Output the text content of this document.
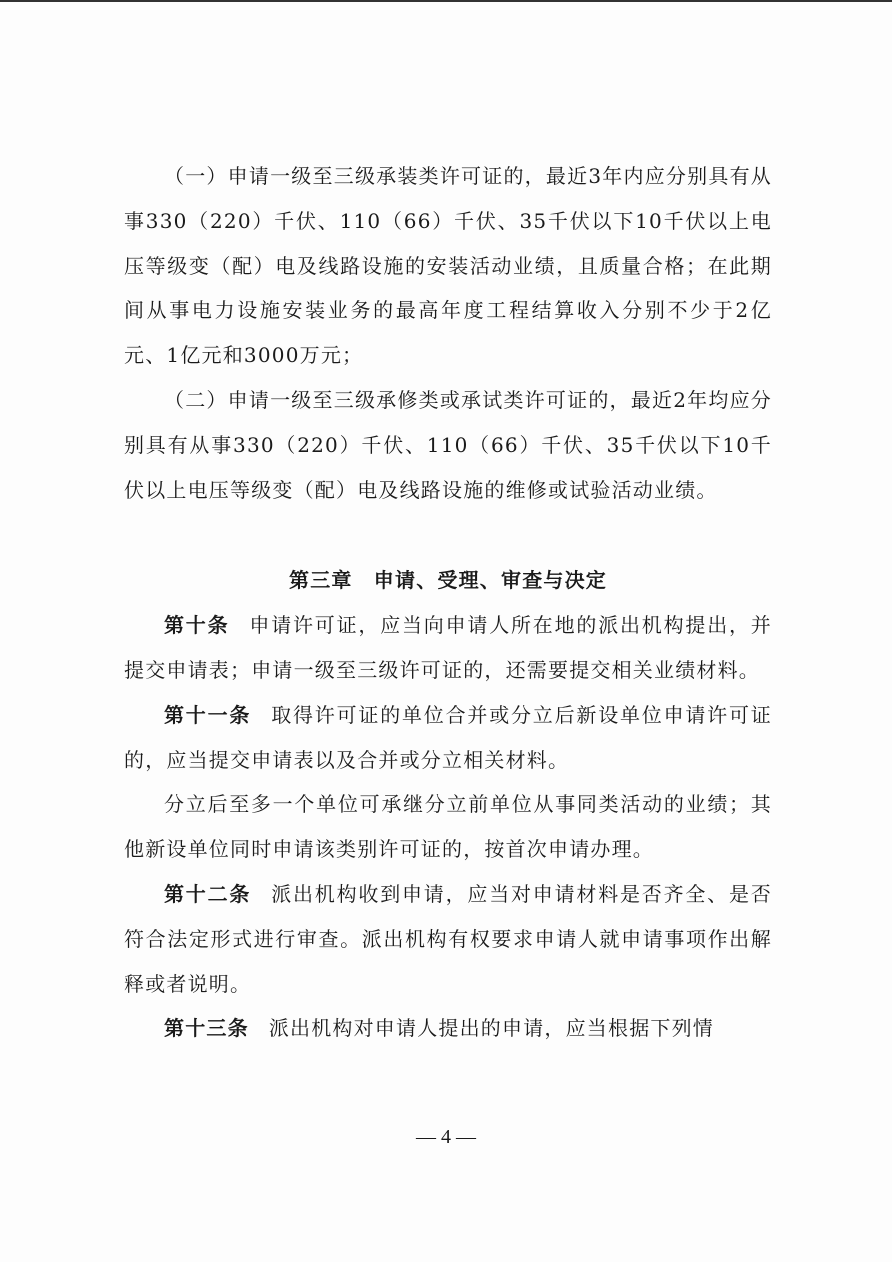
（一）申请一级至三级承装类许可证的，最近3年内应分别具有从事330（220）千伏、110（66）千伏、35千伏以下10千伏以上电压等级变（配）电及线路设施的安装活动业绩，且质量合格；在此期间从事电力设施安装业务的最高年度工程结算收入分别不少于2亿元、1亿元和3000万元；

（二）申请一级至三级承修类或承试类许可证的，最近2年均应分别具有从事330（220）千伏、110（66）千伏、35千伏以下10千伏以上电压等级变（配）电及线路设施的维修或试验活动业绩。

第三章　申请、受理、审查与决定

第十条 申请许可证，应当向申请人所在地的派出机构提出，并提交申请表；申请一级至三级许可证的，还需要提交相关业绩材料。

第十一条 取得许可证的单位合并或分立后新设单位申请许可证的，应当提交申请表以及合并或分立相关材料。

分立后至多一个单位可承继分立前单位从事同类活动的业绩；其他新设单位同时申请该类别许可证的，按首次申请办理。

第十二条 派出机构收到申请，应当对申请材料是否齐全、是否符合法定形式进行审查。派出机构有权要求申请人就申请事项作出解释或者说明。

第十三条 派出机构对申请人提出的申请，应当根据下列情

— 4 —
